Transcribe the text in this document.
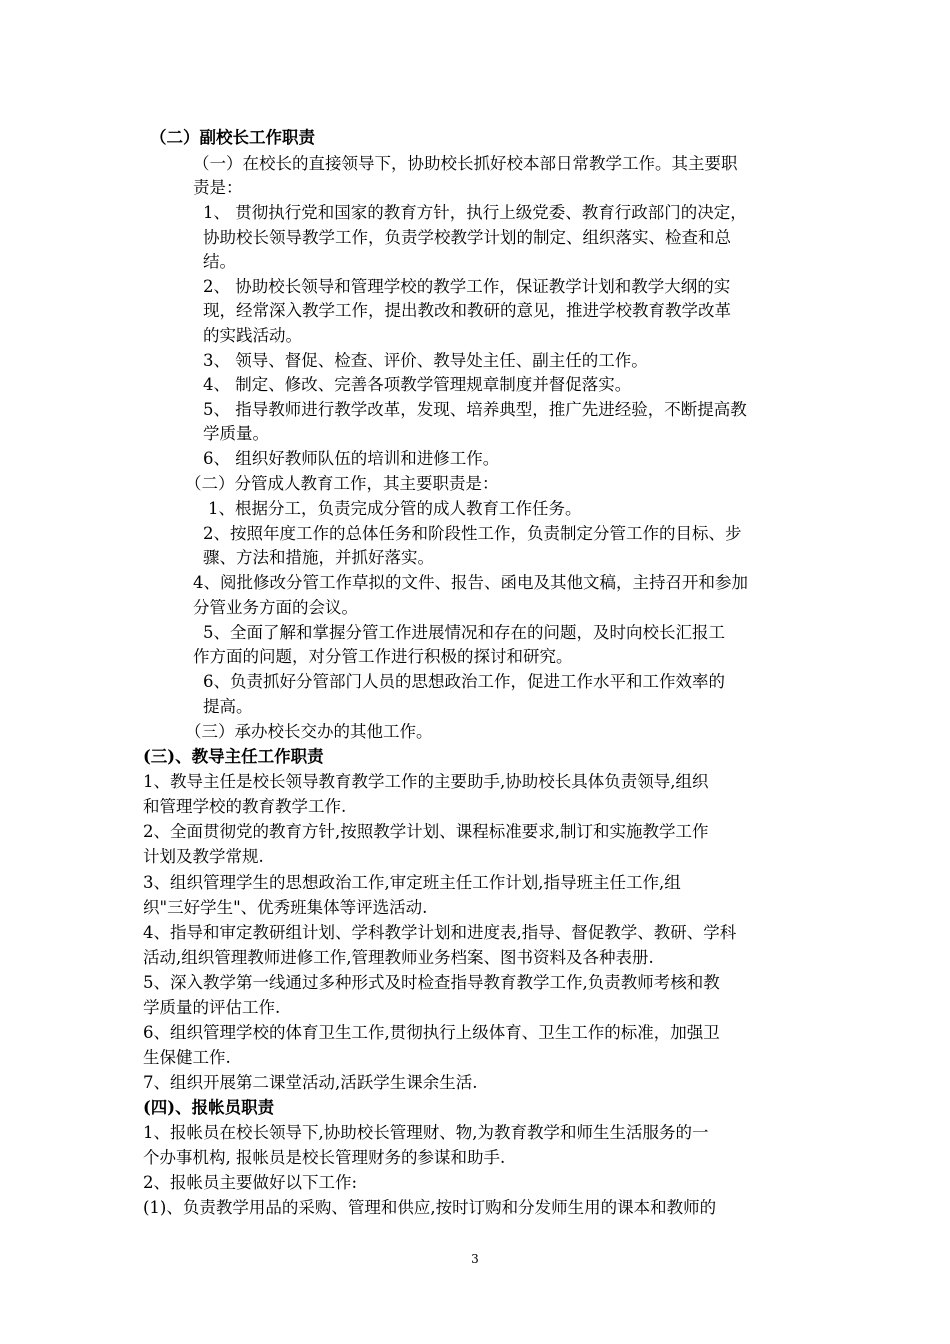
（二）副校长工作职责
（一）在校长的直接领导下，协助校长抓好校本部日常教学工作。其主要职
责是：
1、 贯彻执行党和国家的教育方针，执行上级党委、教育行政部门的决定，
协助校长领导教学工作，负责学校教学计划的制定、组织落实、检查和总
结。
2、 协助校长领导和管理学校的教学工作，保证教学计划和教学大纲的实
现，经常深入教学工作，提出教改和教研的意见，推进学校教育教学改革
的实践活动。
3、 领导、督促、检查、评价、教导处主任、副主任的工作。
4、 制定、修改、完善各项教学管理规章制度并督促落实。
5、 指导教师进行教学改革，发现、培养典型，推广先进经验，不断提高教
学质量。
6、 组织好教师队伍的培训和进修工作。
（二）分管成人教育工作，其主要职责是：
1、根据分工，负责完成分管的成人教育工作任务。
2、按照年度工作的总体任务和阶段性工作，负责制定分管工作的目标、步
骤、方法和措施，并抓好落实。
4、阅批修改分管工作草拟的文件、报告、函电及其他文稿，主持召开和参加
分管业务方面的会议。
5、全面了解和掌握分管工作进展情况和存在的问题，及时向校长汇报工
作方面的问题，对分管工作进行积极的探讨和研究。
6、负责抓好分管部门人员的思想政治工作，促进工作水平和工作效率的
提高。
（三）承办校长交办的其他工作。
(三)、教导主任工作职责
1、教导主任是校长领导教育教学工作的主要助手,协助校长具体负责领导,组织
和管理学校的教育教学工作.
2、全面贯彻党的教育方针,按照教学计划、课程标准要求,制订和实施教学工作
计划及教学常规.
3、组织管理学生的思想政治工作,审定班主任工作计划,指导班主任工作,组
织"三好学生"、优秀班集体等评选活动.
4、指导和审定教研组计划、学科教学计划和进度表,指导、督促教学、教研、学科
活动,组织管理教师进修工作,管理教师业务档案、图书资料及各种表册.
5、深入教学第一线通过多种形式及时检查指导教育教学工作,负责教师考核和教
学质量的评估工作.
6、组织管理学校的体育卫生工作,贯彻执行上级体育、卫生工作的标准，加强卫
生保健工作.
7、组织开展第二课堂活动,活跃学生课余生活.
(四)、报帐员职责
1、报帐员在校长领导下,协助校长管理财、物,为教育教学和师生生活服务的一
个办事机构, 报帐员是校长管理财务的参谋和助手.
2、报帐员主要做好以下工作:
(1)、负责教学用品的采购、管理和供应,按时订购和分发师生用的课本和教师的
3
